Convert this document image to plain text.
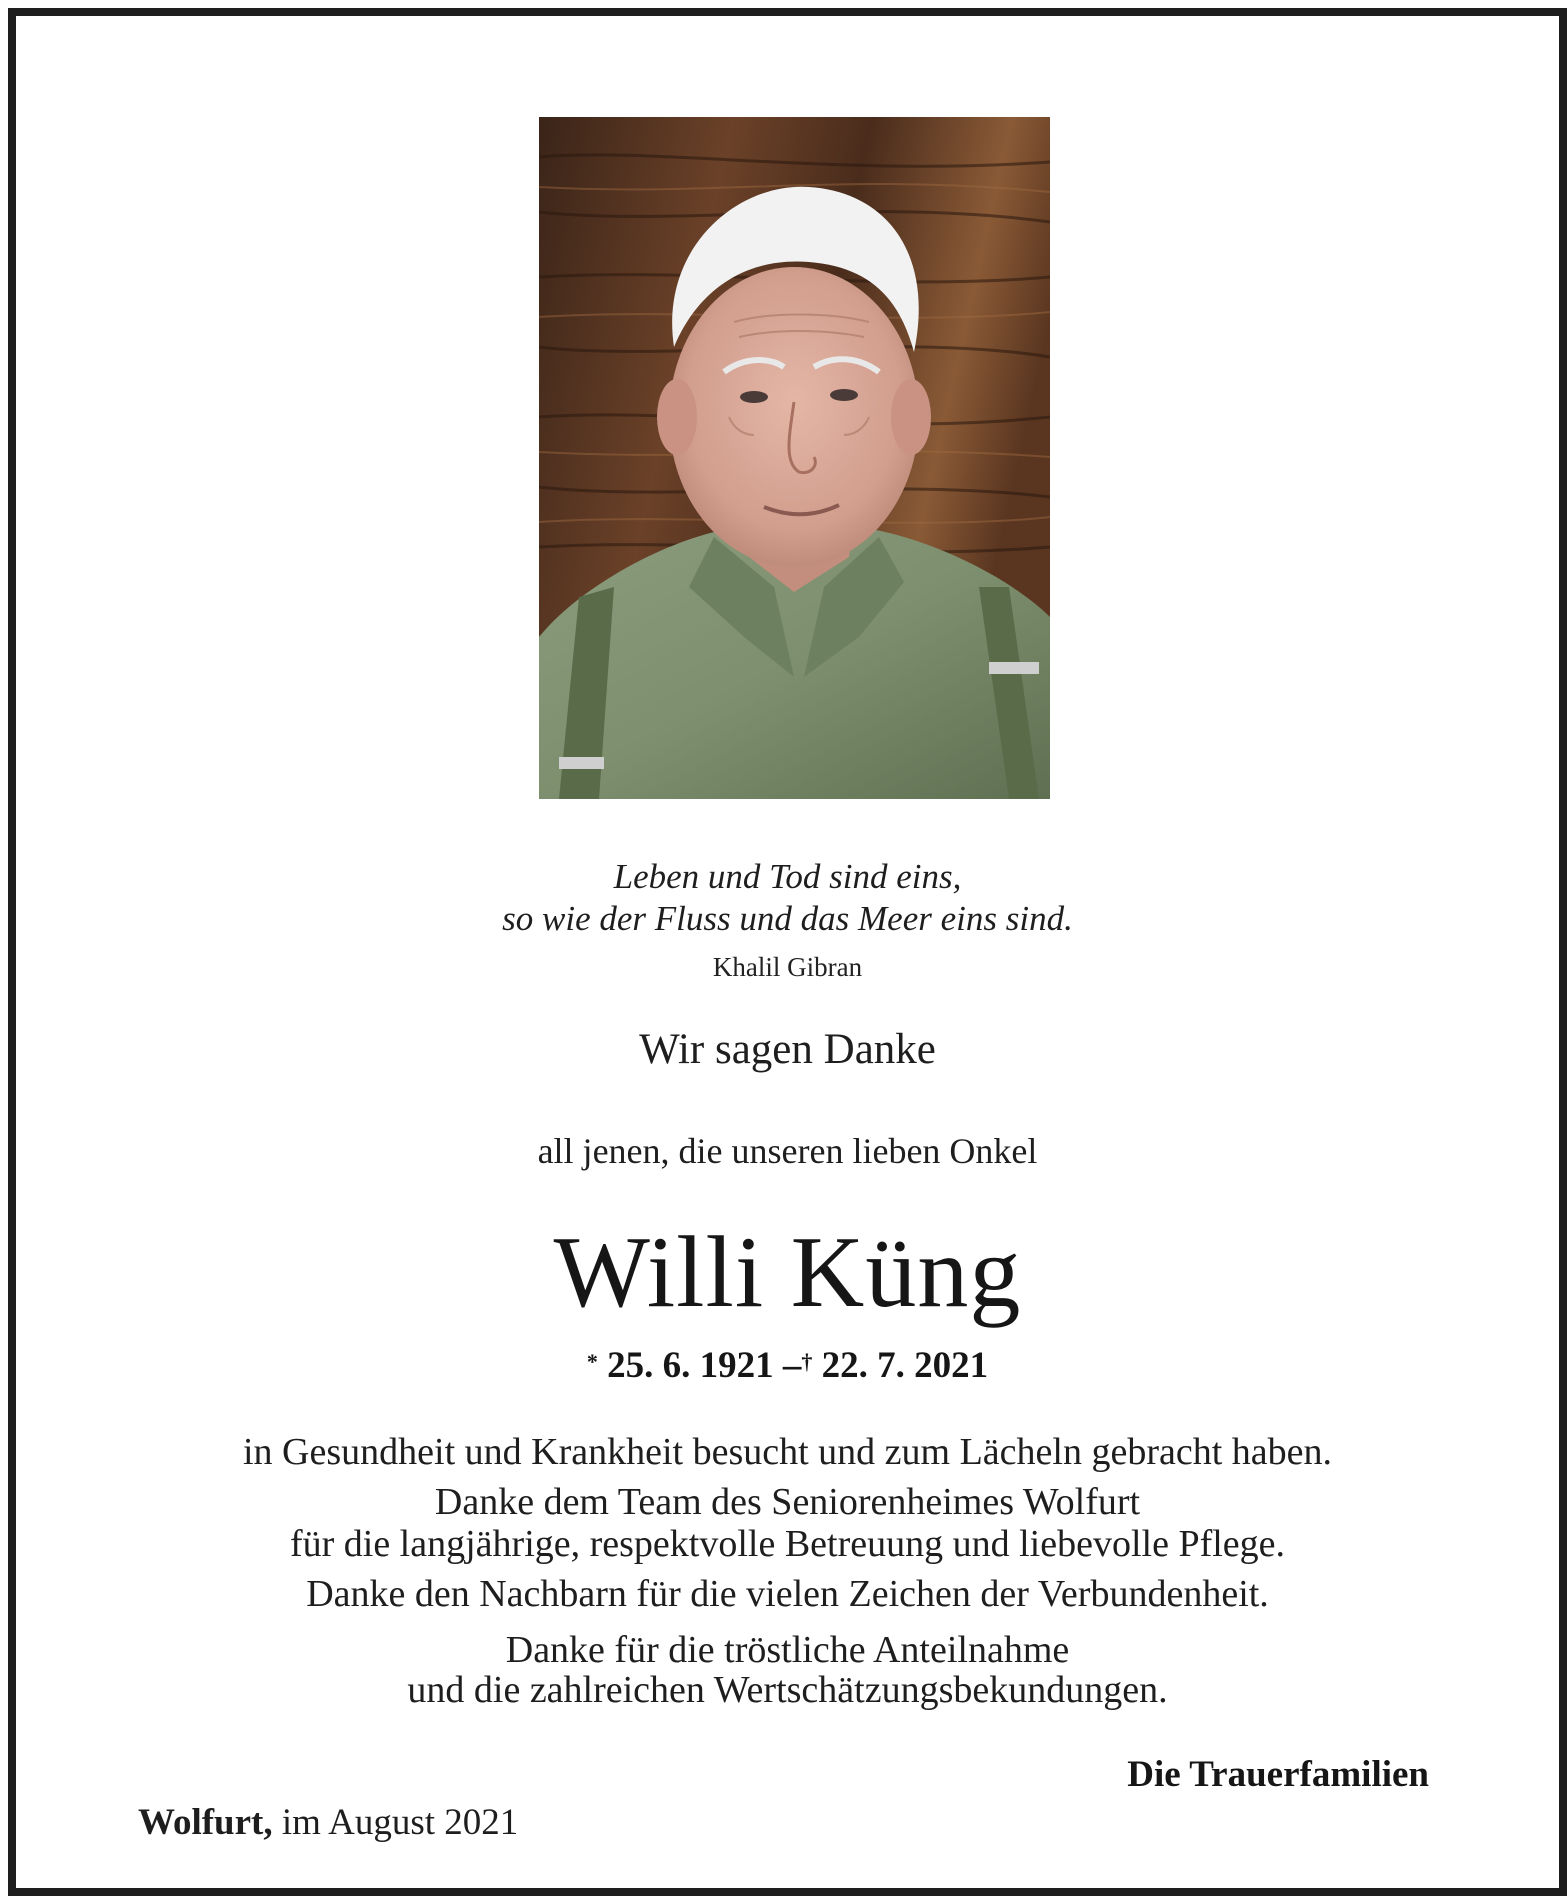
Leben und Tod sind eins,
so wie der Fluss und das Meer eins sind.
Khalil Gibran
Wir sagen Danke
all jenen, die unseren lieben Onkel
Willi Küng
* 25. 6. 1921 –† 22. 7. 2021
in Gesundheit und Krankheit besucht und zum Lächeln gebracht haben.
Danke dem Team des Seniorenheimes Wolfurt
für die langjährige, respektvolle Betreuung und liebevolle Pflege.
Danke den Nachbarn für die vielen Zeichen der Verbundenheit.
Danke für die tröstliche Anteilnahme
und die zahlreichen Wertschätzungsbekundungen.
Die Trauerfamilien
Wolfurt, im August 2021
